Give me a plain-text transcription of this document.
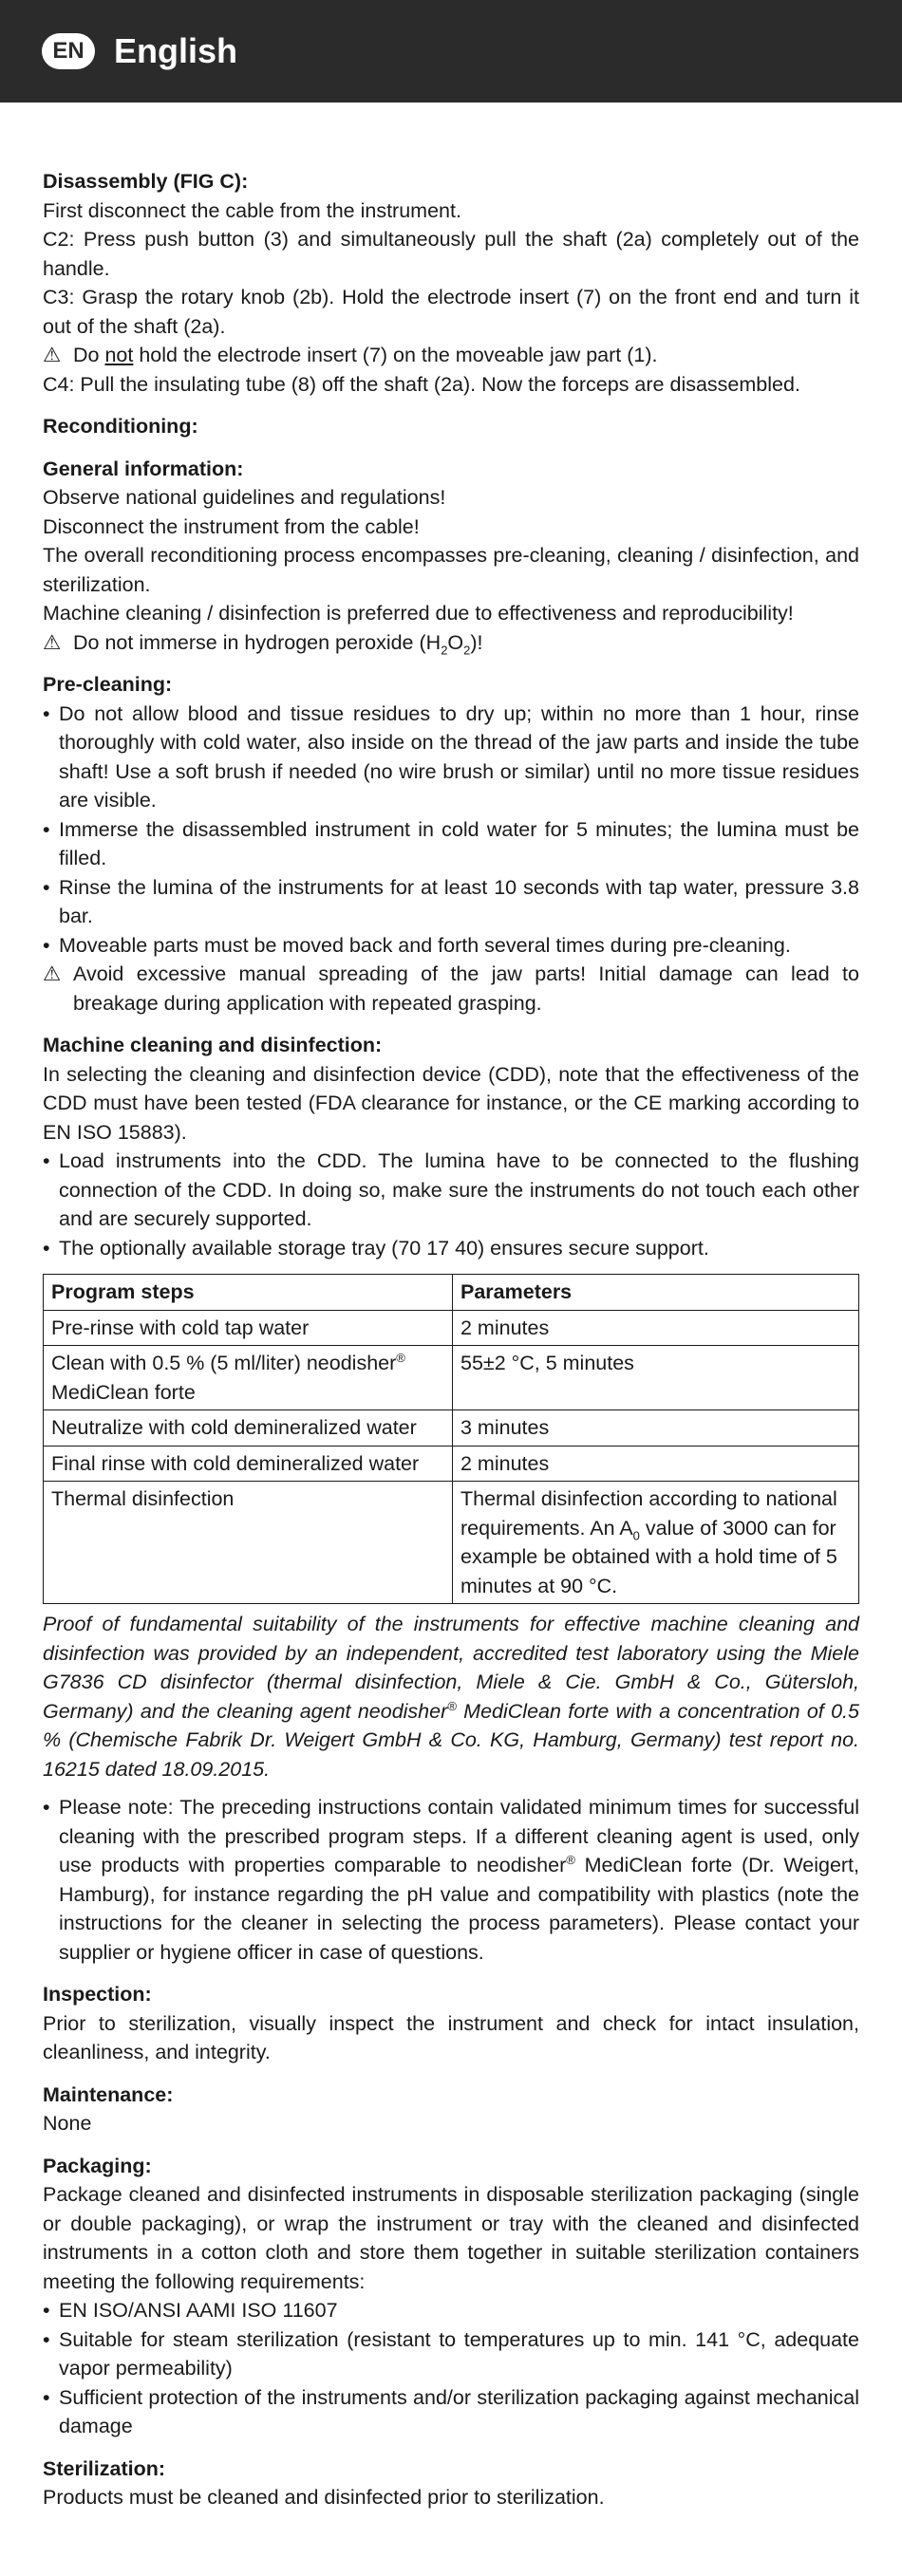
EN English

Disassembly (FIG C):

First disconnect the cable from the instrument.

C2: Press push button (3) and simultaneously pull the shaft (2a) completely out of the handle.

C3: Grasp the rotary knob (2b). Hold the electrode insert (7) on the front end and turn it out of the shaft (2a).

⚠ Do not hold the electrode insert (7) on the moveable jaw part (1).

C4: Pull the insulating tube (8) off the shaft (2a). Now the forceps are disassembled.

Reconditioning:

General information:

Observe national guidelines and regulations!

Disconnect the instrument from the cable!

The overall reconditioning process encompasses pre-cleaning, cleaning / disinfection, and sterilization.

Machine cleaning / disinfection is preferred due to effectiveness and reproducibility!

⚠ Do not immerse in hydrogen peroxide $(H_2O_2)$!

Pre-cleaning:

• Do not allow blood and tissue residues to dry up; within no more than 1 hour, rinse thoroughly with cold water, also inside on the thread of the jaw parts and inside the tube shaft! Use a soft brush if needed (no wire brush or similar) until no more tissue residues are visible.
• Immerse the disassembled instrument in cold water for 5 minutes; the lumina must be filled.
• Rinse the lumina of the instruments for at least 10 seconds with tap water, pressure 3.8 bar.
• Moveable parts must be moved back and forth several times during pre-cleaning.

⚠ Avoid excessive manual spreading of the jaw parts! Initial damage can lead to breakage during application with repeated grasping.

Machine cleaning and disinfection:

In selecting the cleaning and disinfection device (CDD), note that the effectiveness of the CDD must have been tested (FDA clearance for instance, or the CE marking according to EN ISO 15883).

• Load instruments into the CDD. The lumina have to be connected to the flushing connection of the CDD. In doing so, make sure the instruments do not touch each other and are securely supported.
• The optionally available storage tray (70 17 40) ensures secure support.
Program steps	Parameters
Pre-rinse with cold tap water	2 minutes
Clean with 0.5 % (5 ml/liter) neodisher®
MediClean forte	55±2 °C, 5 minutes
Neutralize with cold demineralized water	3 minutes
Final rinse with cold demineralized water	2 minutes
Thermal disinfection	Thermal disinfection according to national requirements. An $A_0$ value of 3000 can for example be obtained with a hold time of 5 minutes at 90 °C.

Proof of fundamental suitability of the instruments for effective machine cleaning and disinfection was provided by an independent, accredited test laboratory using the Miele G7836 CD disinfector (thermal disinfection, Miele & Cie. GmbH & Co., Gütersloh, Germany) and the cleaning agent neodisher® MediClean forte with a concentration of 0.5 % (Chemische Fabrik Dr. Weigert GmbH & Co. KG, Hamburg, Germany) test report no. 16215 dated 18.09.2015.

• Please note: The preceding instructions contain validated minimum times for successful cleaning with the prescribed program steps. If a different cleaning agent is used, only use products with properties comparable to neodisher® MediClean forte (Dr. Weigert, Hamburg), for instance regarding the pH value and compatibility with plastics (note the instructions for the cleaner in selecting the process parameters). Please contact your supplier or hygiene officer in case of questions.

Inspection:

Prior to sterilization, visually inspect the instrument and check for intact insulation, cleanliness, and integrity.

Maintenance:

None

Packaging:

Package cleaned and disinfected instruments in disposable sterilization packaging (single or double packaging), or wrap the instrument or tray with the cleaned and disinfected instruments in a cotton cloth and store them together in suitable sterilization containers meeting the following requirements:

• EN ISO/ANSI AAMI ISO 11607
• Suitable for steam sterilization (resistant to temperatures up to min. 141 °C, adequate vapor permeability)
• Sufficient protection of the instruments and/or sterilization packaging against mechanical damage

Sterilization:

Products must be cleaned and disinfected prior to sterilization.
